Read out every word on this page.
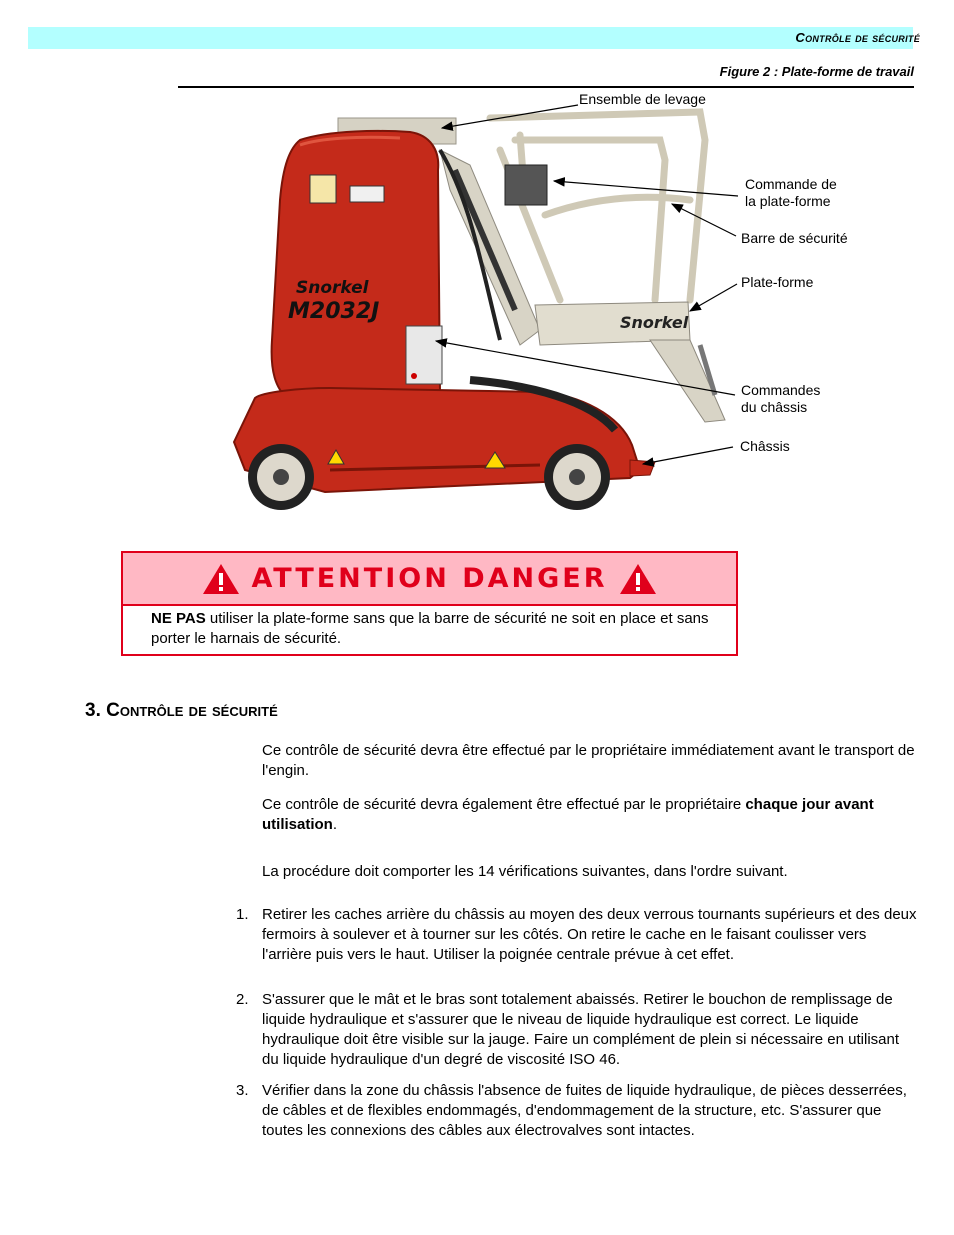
Contrôle de sécurité
Figure 2 : Plate-forme de travail
Snorkel
Snorkel
M2032J
Ensemble de levage
Commande de
la plate-forme
Barre de sécurité
Plate-forme
Commandes
du châssis
Châssis
ATTENTION DANGER
NE PAS utiliser la plate-forme sans que la barre de sécurité ne soit en place et sans porter le harnais de sécurité.
3. Contrôle de sécurité
Ce contrôle de sécurité devra être effectué par le propriétaire immédiatement avant le transport de l'engin.
Ce contrôle de sécurité devra également être effectué par le propriétaire chaque jour avant utilisation.
La procédure doit comporter les 14 vérifications suivantes, dans l'ordre suivant.
1. Retirer les caches arrière du châssis au moyen des deux verrous tournants supérieurs et des deux fermoirs à soulever et à tourner sur les côtés. On retire le cache en le faisant coulisser vers l'arrière puis vers le haut. Utiliser la poignée centrale prévue à cet effet.
2. S'assurer que le mât et le bras sont totalement abaissés. Retirer le bouchon de remplissage de liquide hydraulique et s'assurer que le niveau de liquide hydraulique est correct. Le liquide hydraulique doit être visible sur la jauge. Faire un complément de plein si nécessaire en utilisant du liquide hydraulique d'un degré de viscosité ISO 46.
3. Vérifier dans la zone du châssis l'absence de fuites de liquide hydraulique, de pièces desserrées, de câbles et de flexibles endommagés, d'endommagement de la structure, etc. S'assurer que toutes les connexions des câbles aux électrovalves sont intactes.
